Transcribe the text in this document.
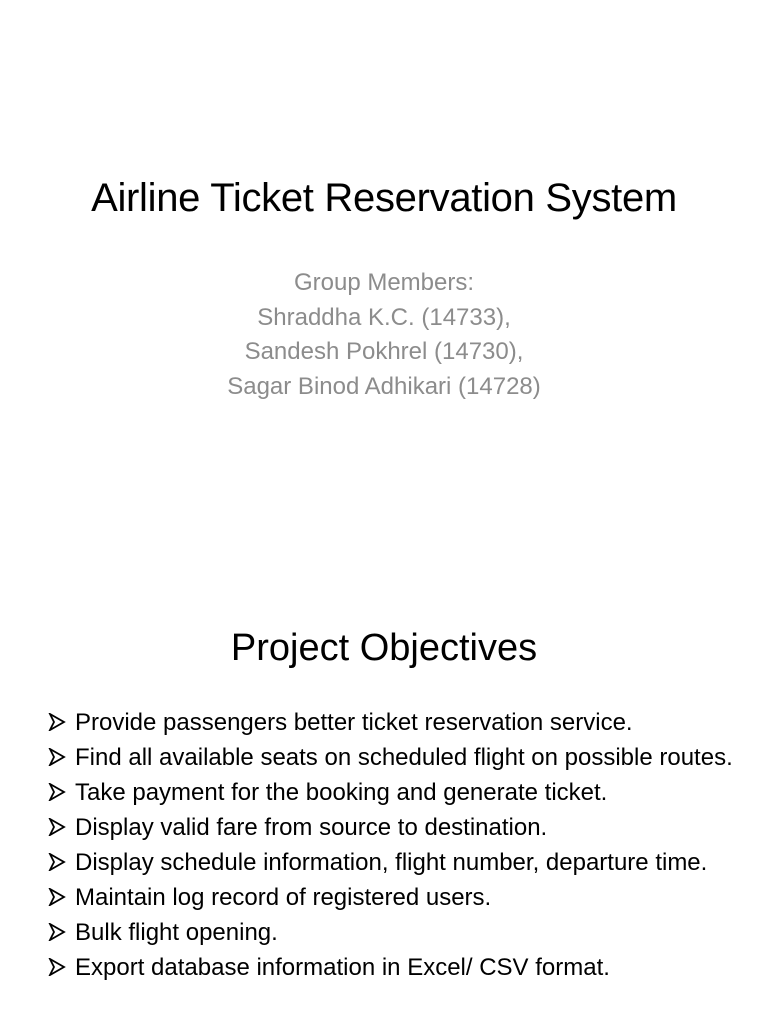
Airline Ticket Reservation System
Group Members:
Shraddha K.C. (14733),
Sandesh Pokhrel (14730),
Sagar Binod Adhikari (14728)
Project Objectives
Provide passengers better ticket reservation service.
Find all available seats on scheduled flight on possible routes.
Take payment for the booking and generate ticket.
Display valid fare from source to destination.
Display schedule information, flight number, departure time.
Maintain log record of registered users.
Bulk flight opening.
Export database information in Excel/ CSV format.
